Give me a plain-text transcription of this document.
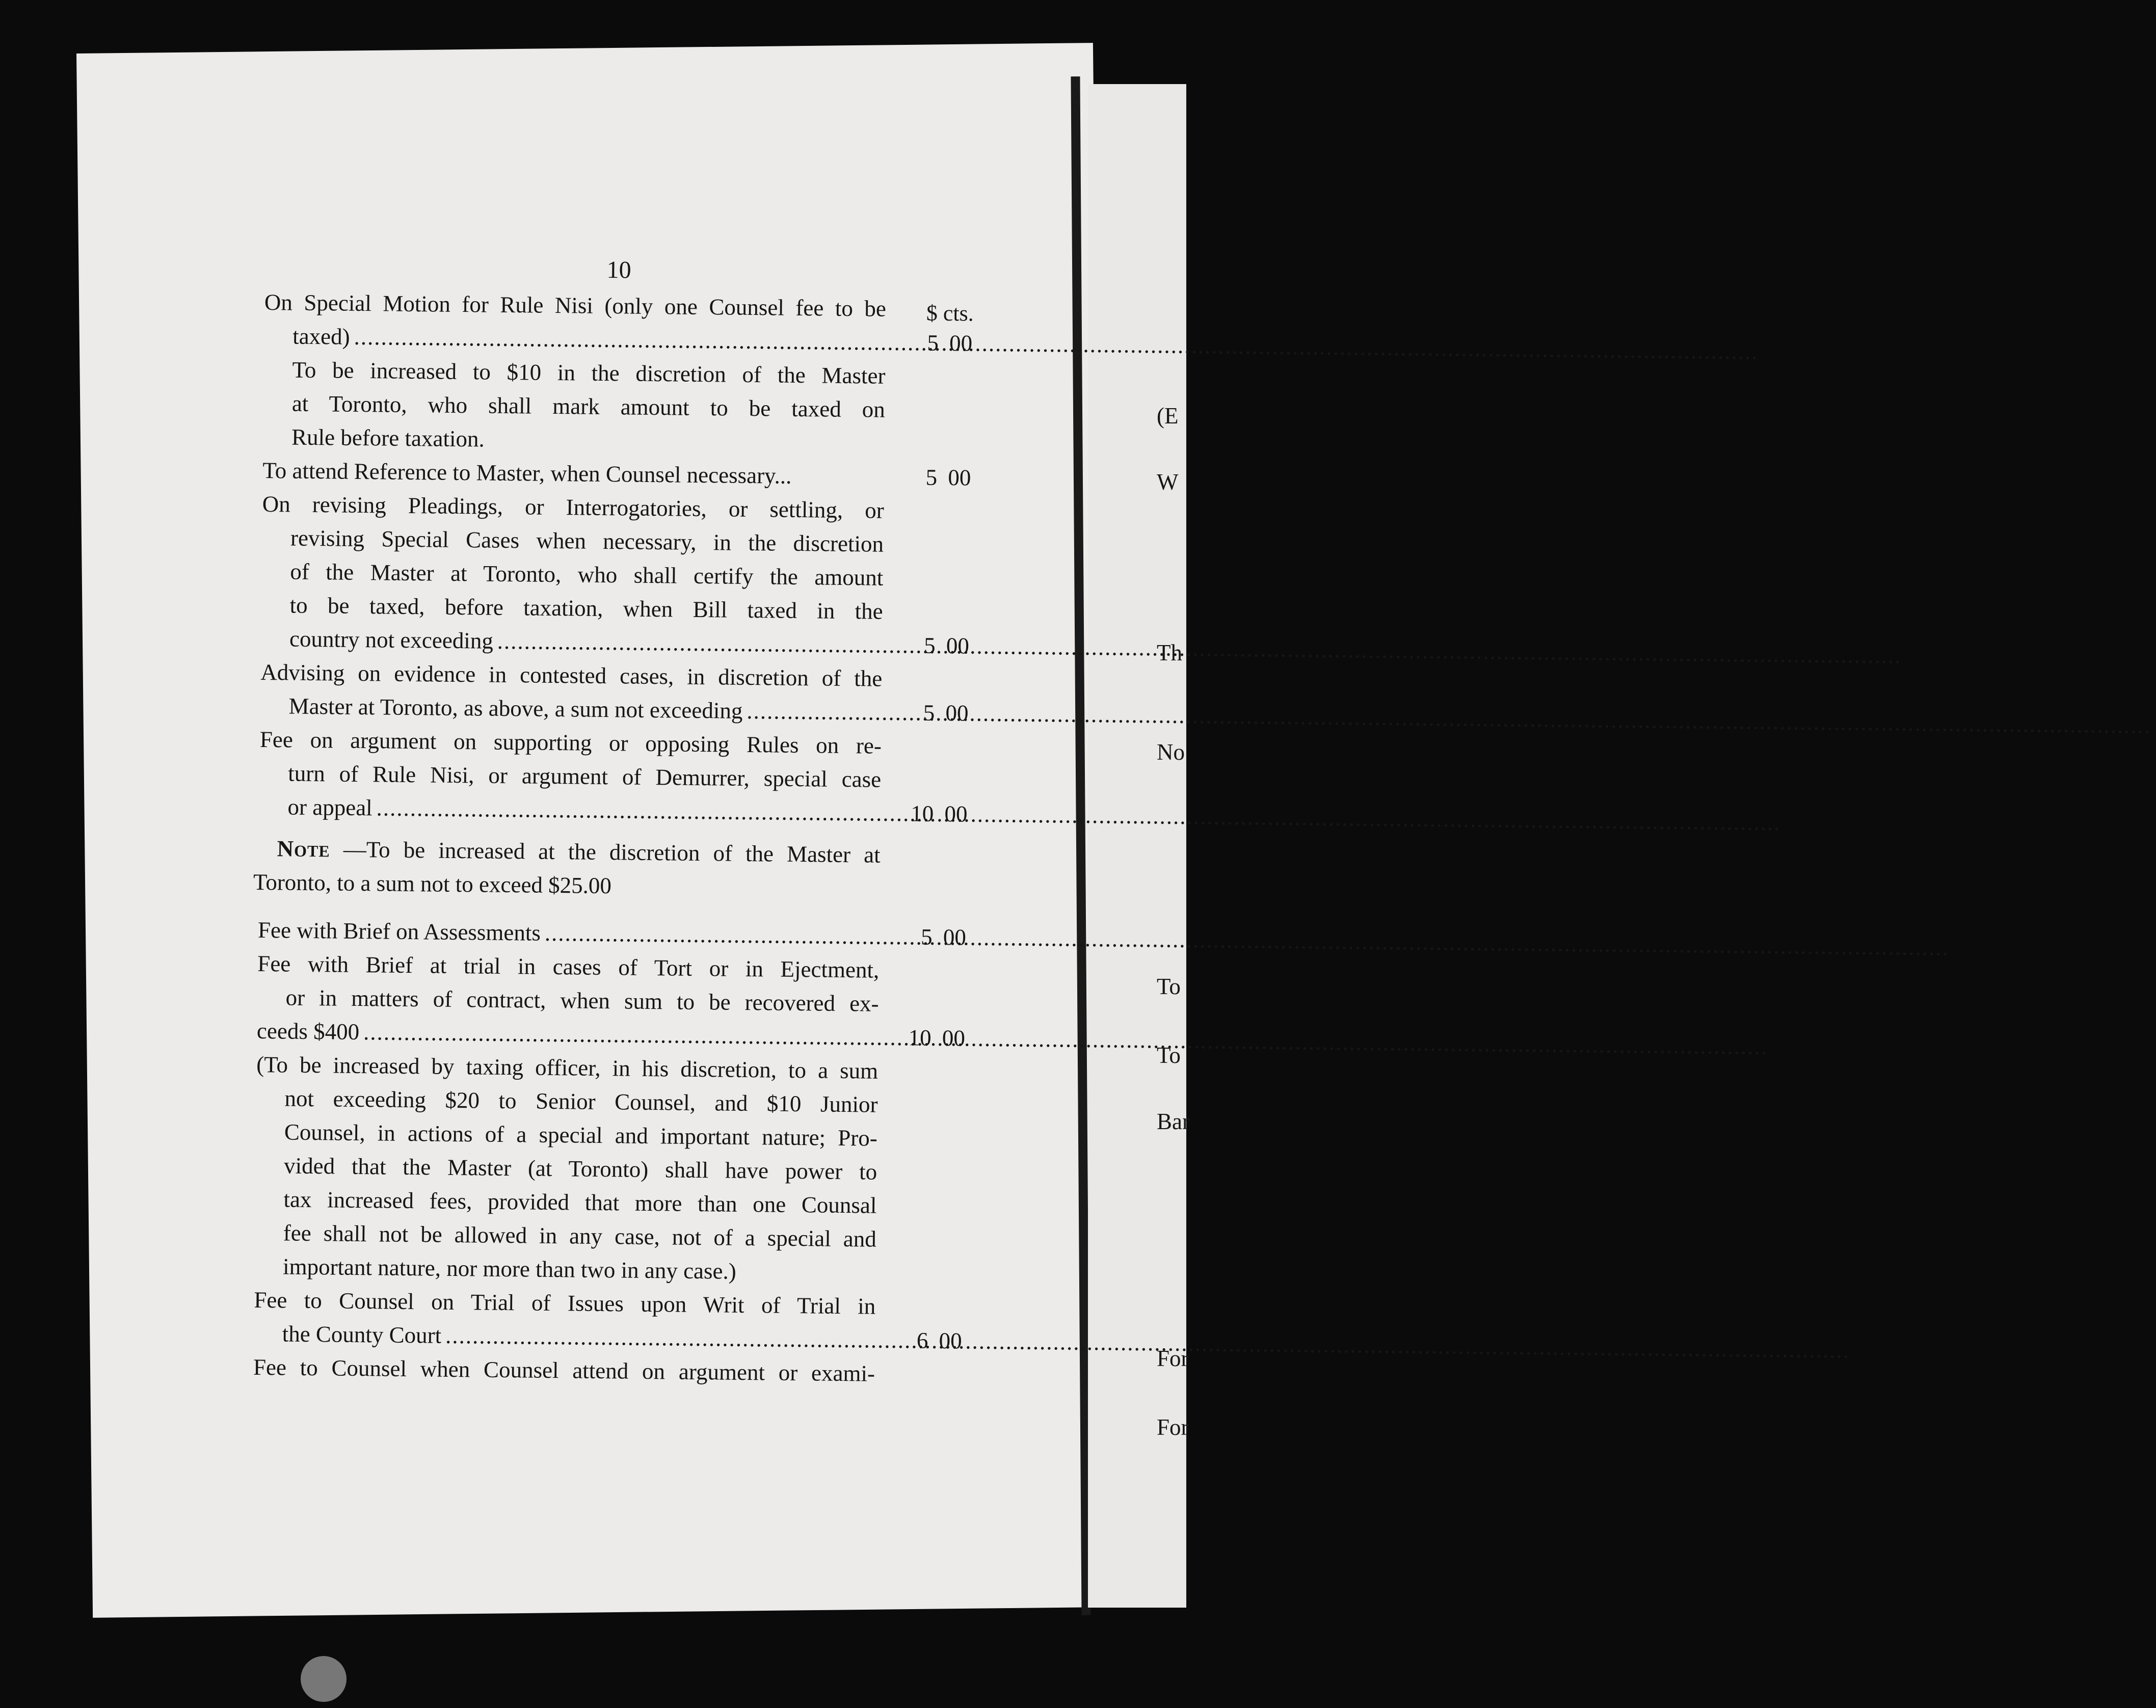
10
$ cts.
On Special Motion for Rule Nisi (only one Counsel fee to be
taxed) .....	5 00
To be increased to $10 in the discretion of the Master
at Toronto, who shall mark amount to be taxed on
Rule before taxation.
To attend Reference to Master, when Counsel necessary...	5 00
On revising Pleadings, or Interrogatories, or settling, or
revising Special Cases when necessary, in the discretion
of the Master at Toronto, who shall certify the amount
to be taxed, before taxation, when Bill taxed in the
country not exceeding .....	5 00
Advising on evidence in contested cases, in discretion of the
Master at Toronto, as above, a sum not exceeding .....	5 00
Fee on argument on supporting or opposing Rules on re-
turn of Rule Nisi, or argument of Demurrer, special case
or appeal .....	10 00
Note —To be increased at the discretion of the Master at
Toronto, to a sum not to exceed $25.00
Fee with Brief on Assessments .....	5 00
Fee with Brief at trial in cases of Tort or in Ejectment,
or in matters of contract, when sum to be recovered ex-
ceeds $400 .....	10 00
(To be increased by taxing officer, in his discretion, to a sum
not exceeding $20 to Senior Counsel, and $10 Junior
Counsel, in actions of a special and important nature; Pro-
vided that the Master (at Toronto) shall have power to
tax increased fees, provided that more than one Counsal
fee shall not be allowed in any case, not of a special and
important nature, nor more than two in any case.)
Fee to Counsel on Trial of Issues upon Writ of Trial in
the County Court .....	6 00
Fee to Counsel when Counsel attend on argument or exami-
(E
W
Th
No
To
To
Bar
For
For
